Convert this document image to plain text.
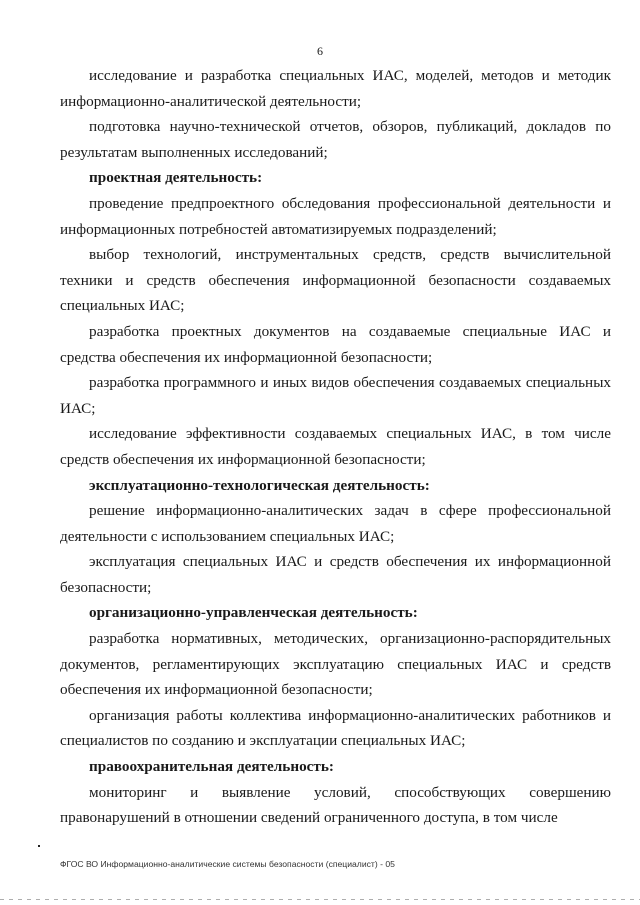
6

исследование и разработка специальных ИАС, моделей, методов и методик информационно-аналитической деятельности;

подготовка научно-технической отчетов, обзоров, публикаций, докладов по результатам выполненных исследований;

проектная деятельность:

проведение предпроектного обследования профессиональной деятельности и информационных потребностей автоматизируемых подразделений;

выбор технологий, инструментальных средств, средств вычислительной техники и средств обеспечения информационной безопасности создаваемых специальных ИАС;

разработка проектных документов на создаваемые специальные ИАС и средства обеспечения их информационной безопасности;

разработка программного и иных видов обеспечения создаваемых специальных ИАС;

исследование эффективности создаваемых специальных ИАС, в том числе средств обеспечения их информационной безопасности;

эксплуатационно-технологическая деятельность:

решение информационно-аналитических задач в сфере профессиональной деятельности с использованием специальных ИАС;

эксплуатация специальных ИАС и средств обеспечения их информационной безопасности;

организационно-управленческая деятельность:

разработка нормативных, методических, организационно-распорядительных документов, регламентирующих эксплуатацию специальных ИАС и средств обеспечения их информационной безопасности;

организация работы коллектива информационно-аналитических работников и специалистов по созданию и эксплуатации специальных ИАС;

правоохранительная деятельность:

мониторинг и выявление условий, способствующих совершению правонарушений в отношении сведений ограниченного доступа, в том числе

ФГОС ВО Информационно-аналитические системы безопасности (специалист) - 05
